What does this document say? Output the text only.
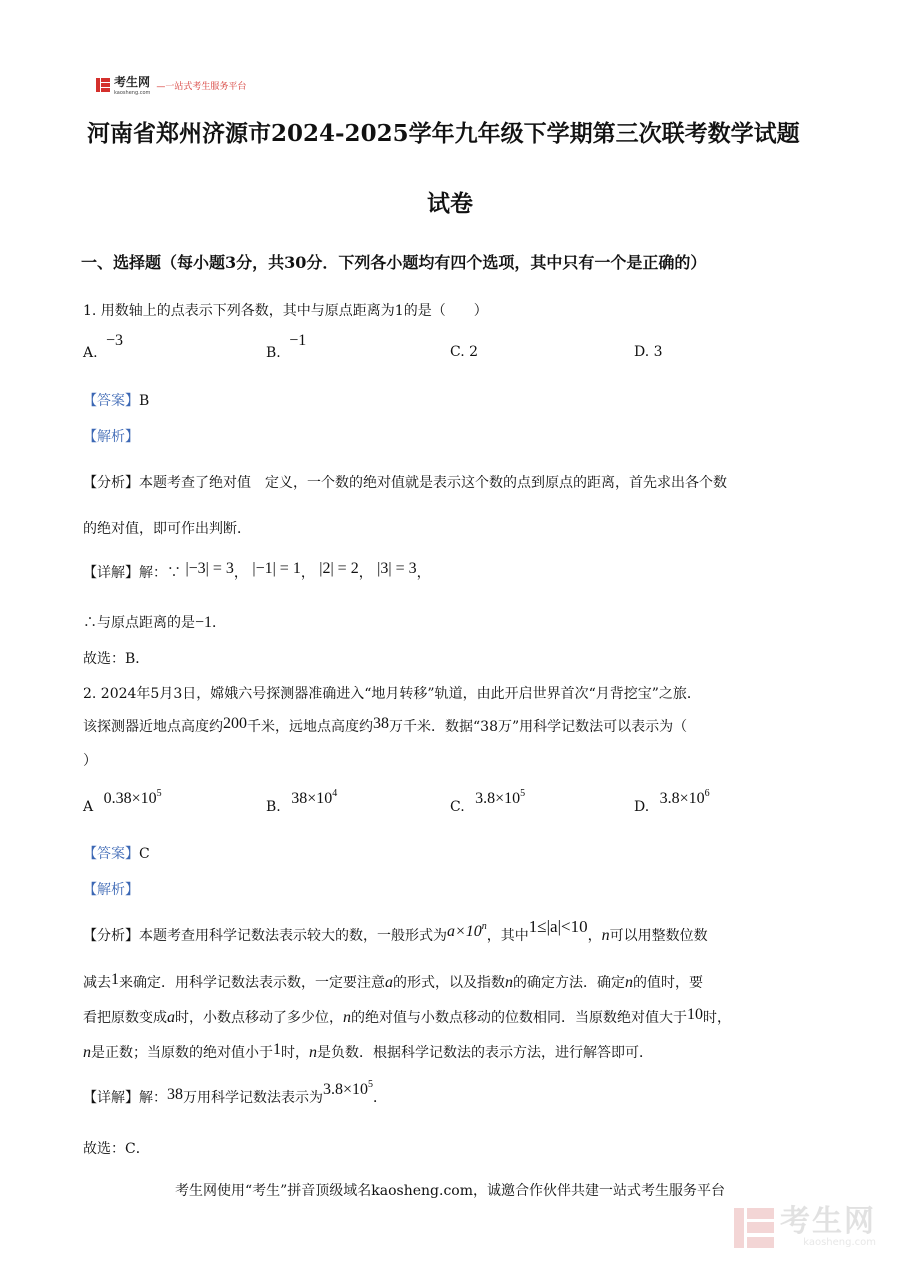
考生网
kaosheng.com
—一站式考生服务平台
河南省郑州济源市2024-2025学年九年级下学期第三次联考数学试题
试卷
一、选择题（每小题3分，共30分．下列各小题均有四个选项，其中只有一个是正确的）
1. 用数轴上的点表示下列各数，其中与原点距离为1的是（　　）
A. −3
B. −1
C. 2	D. 3
【答案】B
【解析】
【分析】本题考查了绝对值　定义，一个数的绝对值就是表示这个数的点到原点的距离，首先求出各个数
的绝对值，即可作出判断．
【详解】解：∵ |−3| = 3， |−1| = 1， |2| = 2， |3| = 3，
∴与原点距离的是−1．
故选：B．
2. 2024年5月3日，嫦娥六号探测器准确进入“地月转移”轨道，由此开启世界首次“月背挖宝”之旅．
该探测器近地点高度约200千米，远地点高度约38万千米．数据“38万”用科学记数法可以表示为（
）
A $0.38\times 10^5$
B. $38\times 10^4$
C. $3.8\times 10^5$
D. $3.8\times 10^6$
【答案】C
【解析】
【分析】本题考查用科学记数法表示较大的数，一般形式为$a\times 10^n$，其中1≤|a|<10，n可以用整数位数
减去1来确定．用科学记数法表示数，一定要注意a的形式，以及指数n的确定方法．确定n的值时，要
看把原数变成a时，小数点移动了多少位，n的绝对值与小数点移动的位数相同．当原数绝对值大于10时，
n是正数；当原数的绝对值小于1时，n是负数．根据科学记数法的表示方法，进行解答即可．
【详解】解：38万用科学记数法表示为$3.8\times 10^5$．
故选：C．
考生网使用“考生”拼音顶级域名kaosheng.com，诚邀合作伙伴共建一站式考生服务平台
考生网
kaosheng.com
